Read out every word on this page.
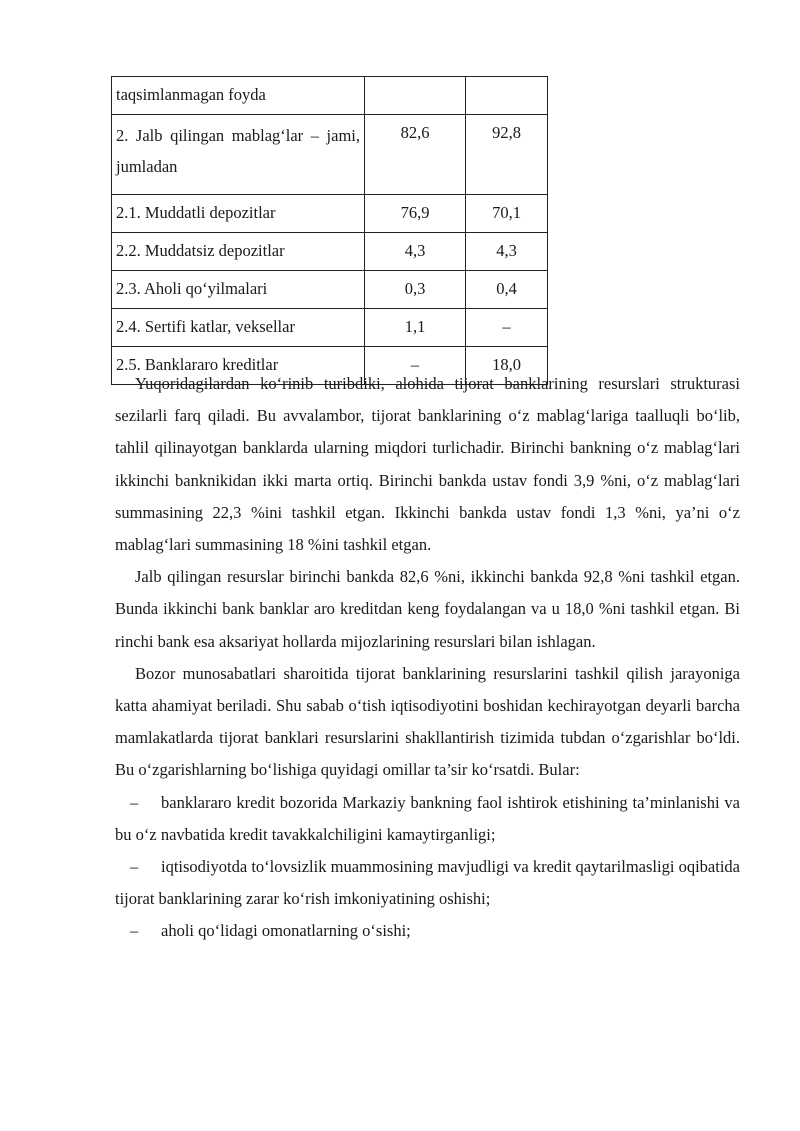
taqsimlanmagan foyda		
2. Jalb qilingan mablag‘lar – jami, jumladan	82,6	92,8
2.1. Muddatli depozitlar	76,9	70,1
2.2. Muddatsiz depozitlar	4,3	4,3
2.3. Aholi qo‘yilmalari	0,3	0,4
2.4. Sertifi katlar, veksellar	1,1	–
2.5. Banklararo kreditlar	–	18,0

Yuqoridagilardan ko‘rinib turibdiki, alohida tijorat banklarining resurslari strukturasi sezilarli farq qiladi. Bu avvalambor, tijorat banklarining o‘z mablag‘lariga taalluqli bo‘lib, tahlil qilinayotgan banklarda ularning miqdori turlichadir. Birinchi bankning o‘z mablag‘lari ikkinchi banknikidan ikki marta ortiq. Birinchi bankda ustav fondi 3,9 %ni, o‘z mablag‘lari summasining 22,3 %ini tashkil etgan. Ikkinchi bankda ustav fondi 1,3 %ni, ya’ni o‘z mablag‘lari summasining 18 %ini tashkil etgan.

Jalb qilingan resurslar birinchi bankda 82,6 %ni, ikkinchi bankda 92,8 %ni tashkil etgan. Bunda ikkinchi bank banklar aro kreditdan keng foydalangan va u 18,0 %ni tashkil etgan. Bi rinchi bank esa aksariyat hollarda mijozlarining resurslari bilan ishlagan.

Bozor munosabatlari sharoitida tijorat banklarining resurslarini tashkil qilish jarayoniga katta ahamiyat beriladi. Shu sabab o‘tish iqtisodiyotini boshidan kechirayotgan deyarli barcha mamlakatlarda tijorat banklari resurslarini shakllantirish tizimida tubdan o‘zgarishlar bo‘ldi. Bu o‘zgarishlarning bo‘lishiga quyidagi omillar ta’sir ko‘rsatdi. Bular:

– banklararo kredit bozorida Markaziy bankning faol ishtirok etishining ta’minlanishi va bu o‘z navbatida kredit tavakkalchiligini kamaytirganligi;

– iqtisodiyotda to‘lovsizlik muammosining mavjudligi va kredit qaytarilmasligi oqibatida tijorat banklarining zarar ko‘rish imkoniyatining oshishi;

– aholi qo‘lidagi omonatlarning o‘sishi;
